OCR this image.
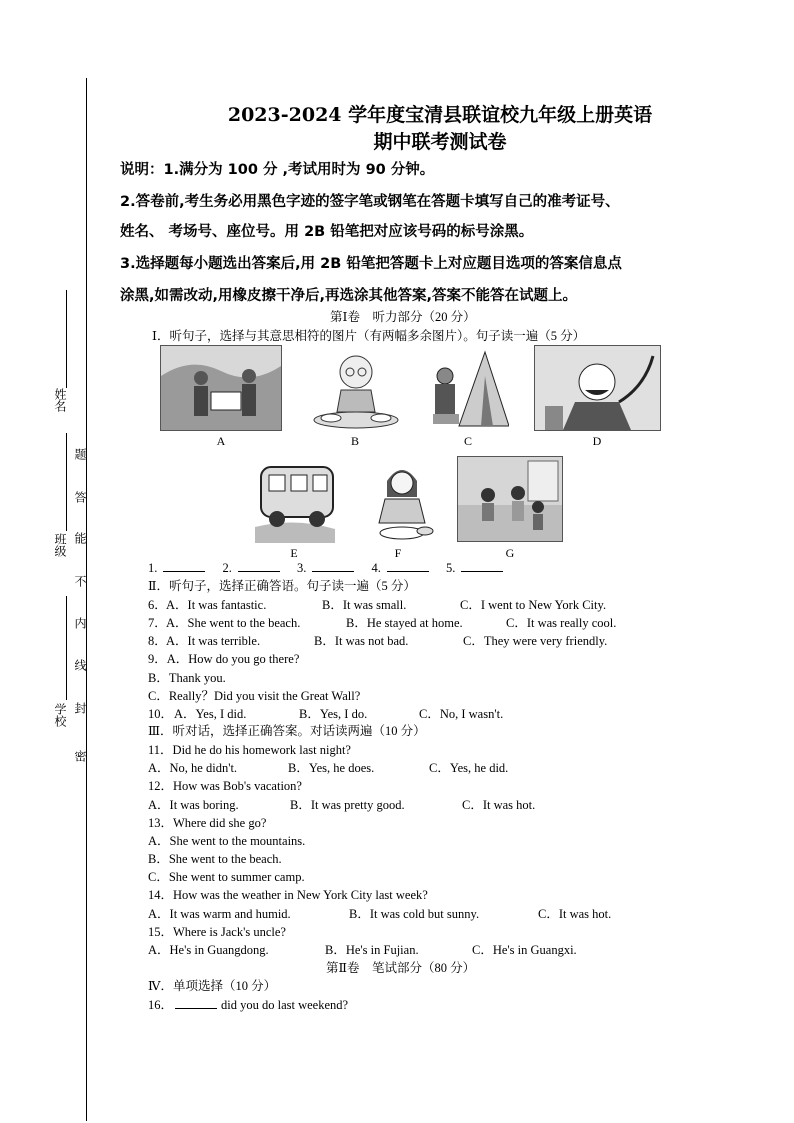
姓名
班级
学校
密
封
线
内
不
能
答
题
2023-2024 学年度宝清县联谊校九年级上册英语
期中联考测试卷
说明：1.满分为 100 分 ,考试用时为 90 分钟。
2.答卷前,考生务必用黑色字迹的签字笔或钢笔在答题卡填写自己的准考证号、
姓名、 考场号、座位号。用 2B 铅笔把对应该号码的标号涂黑。
3.选择题每小题选出答案后,用 2B 铅笔把答题卡上对应题目选项的答案信息点
涂黑,如需改动,用橡皮擦干净后,再选涂其他答案,答案不能答在试题上。
第Ⅰ卷　听力部分（20 分）
Ⅰ．听句子，选择与其意思相符的图片（有两幅多余图片）。句子读一遍（5 分）
A	B	C	D
E	F	G
1.	2.	3.	4.	5.
Ⅱ．听句子，选择正确答语。句子读一遍（5 分）
6． A．It was fantastic.	B．It was small.	C．I went to New York City.
7． A．She went to the beach.	B．He stayed at home.	C．It was really cool.
8． A．It was terrible.	B．It was not bad.	C．They were very friendly.
9．A．How do you go there?
B．Thank you.
C．Really？Did you visit the Great Wall?
10． A．Yes, I did.	B．Yes, I do.	C．No, I wasn't.
Ⅲ．听对话，选择正确答案。对话读两遍（10 分）
11．Did he do his homework last night?
A．No, he didn't.	B．Yes, he does.	C．Yes, he did.
12．How was Bob's vacation?
A．It was boring.	B．It was pretty good.	C．It was hot.
13．Where did she go?
A．She went to the mountains.
B．She went to the beach.
C．She went to summer camp.
14．How was the weather in New York City last week?
A．It was warm and humid.	B．It was cold but sunny.	C．It was hot.
15．Where is Jack's uncle?
A．He's in Guangdong.	B．He's in Fujian.	C．He's in Guangxi.
第Ⅱ卷　笔试部分（80 分）
Ⅳ．单项选择（10 分）
16．	did you do last weekend?
